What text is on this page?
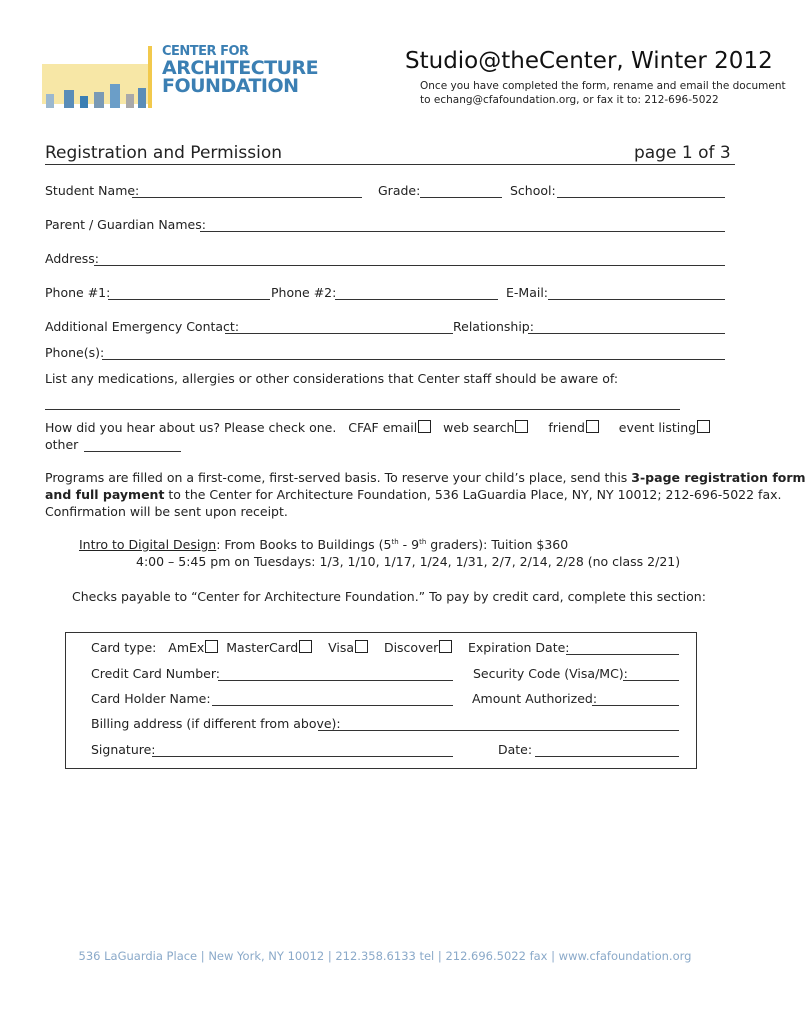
CENTER FOR
ARCHITECTURE
FOUNDATION
Studio@theCenter, Winter 2012
Once you have completed the form, rename and email the document
to echang@cfafoundation.org, or fax it to: 212-696-5022
Registration and Permission	page 1 of 3
Student Name:	Grade:	School:
Parent / Guardian Names:
Address:
Phone #1:	Phone #2:	E-Mail:
Additional Emergency Contact:	Relationship:
Phone(s):
List any medications, allergies or other considerations that Center staff should be aware of:
How did you hear about us? Please check one. CFAF email web search	friend	event listing
other
Programs are filled on a first-come, first-served basis. To reserve your child’s place, send this 3-page registration form
and full payment to the Center for Architecture Foundation, 536 LaGuardia Place, NY, NY 10012; 212-696-5022 fax.
Confirmation will be sent upon receipt.
Intro to Digital Design: From Books to Buildings (5th - 9th graders): Tuition $360
4:00 – 5:45 pm on Tuesdays: 1/3, 1/10, 1/17, 1/24, 1/31, 2/7, 2/14, 2/28 (no class 2/21)
Checks payable to “Center for Architecture Foundation.” To pay by credit card, complete this section:
Card type: AmEx MasterCard Visa Discover	Expiration Date:
Credit Card Number:	Security Code (Visa/MC):
Card Holder Name:	Amount Authorized:
Billing address (if different from above):
Signature:	Date:
536 LaGuardia Place | New York, NY 10012 | 212.358.6133 tel | 212.696.5022 fax | www.cfafoundation.org
